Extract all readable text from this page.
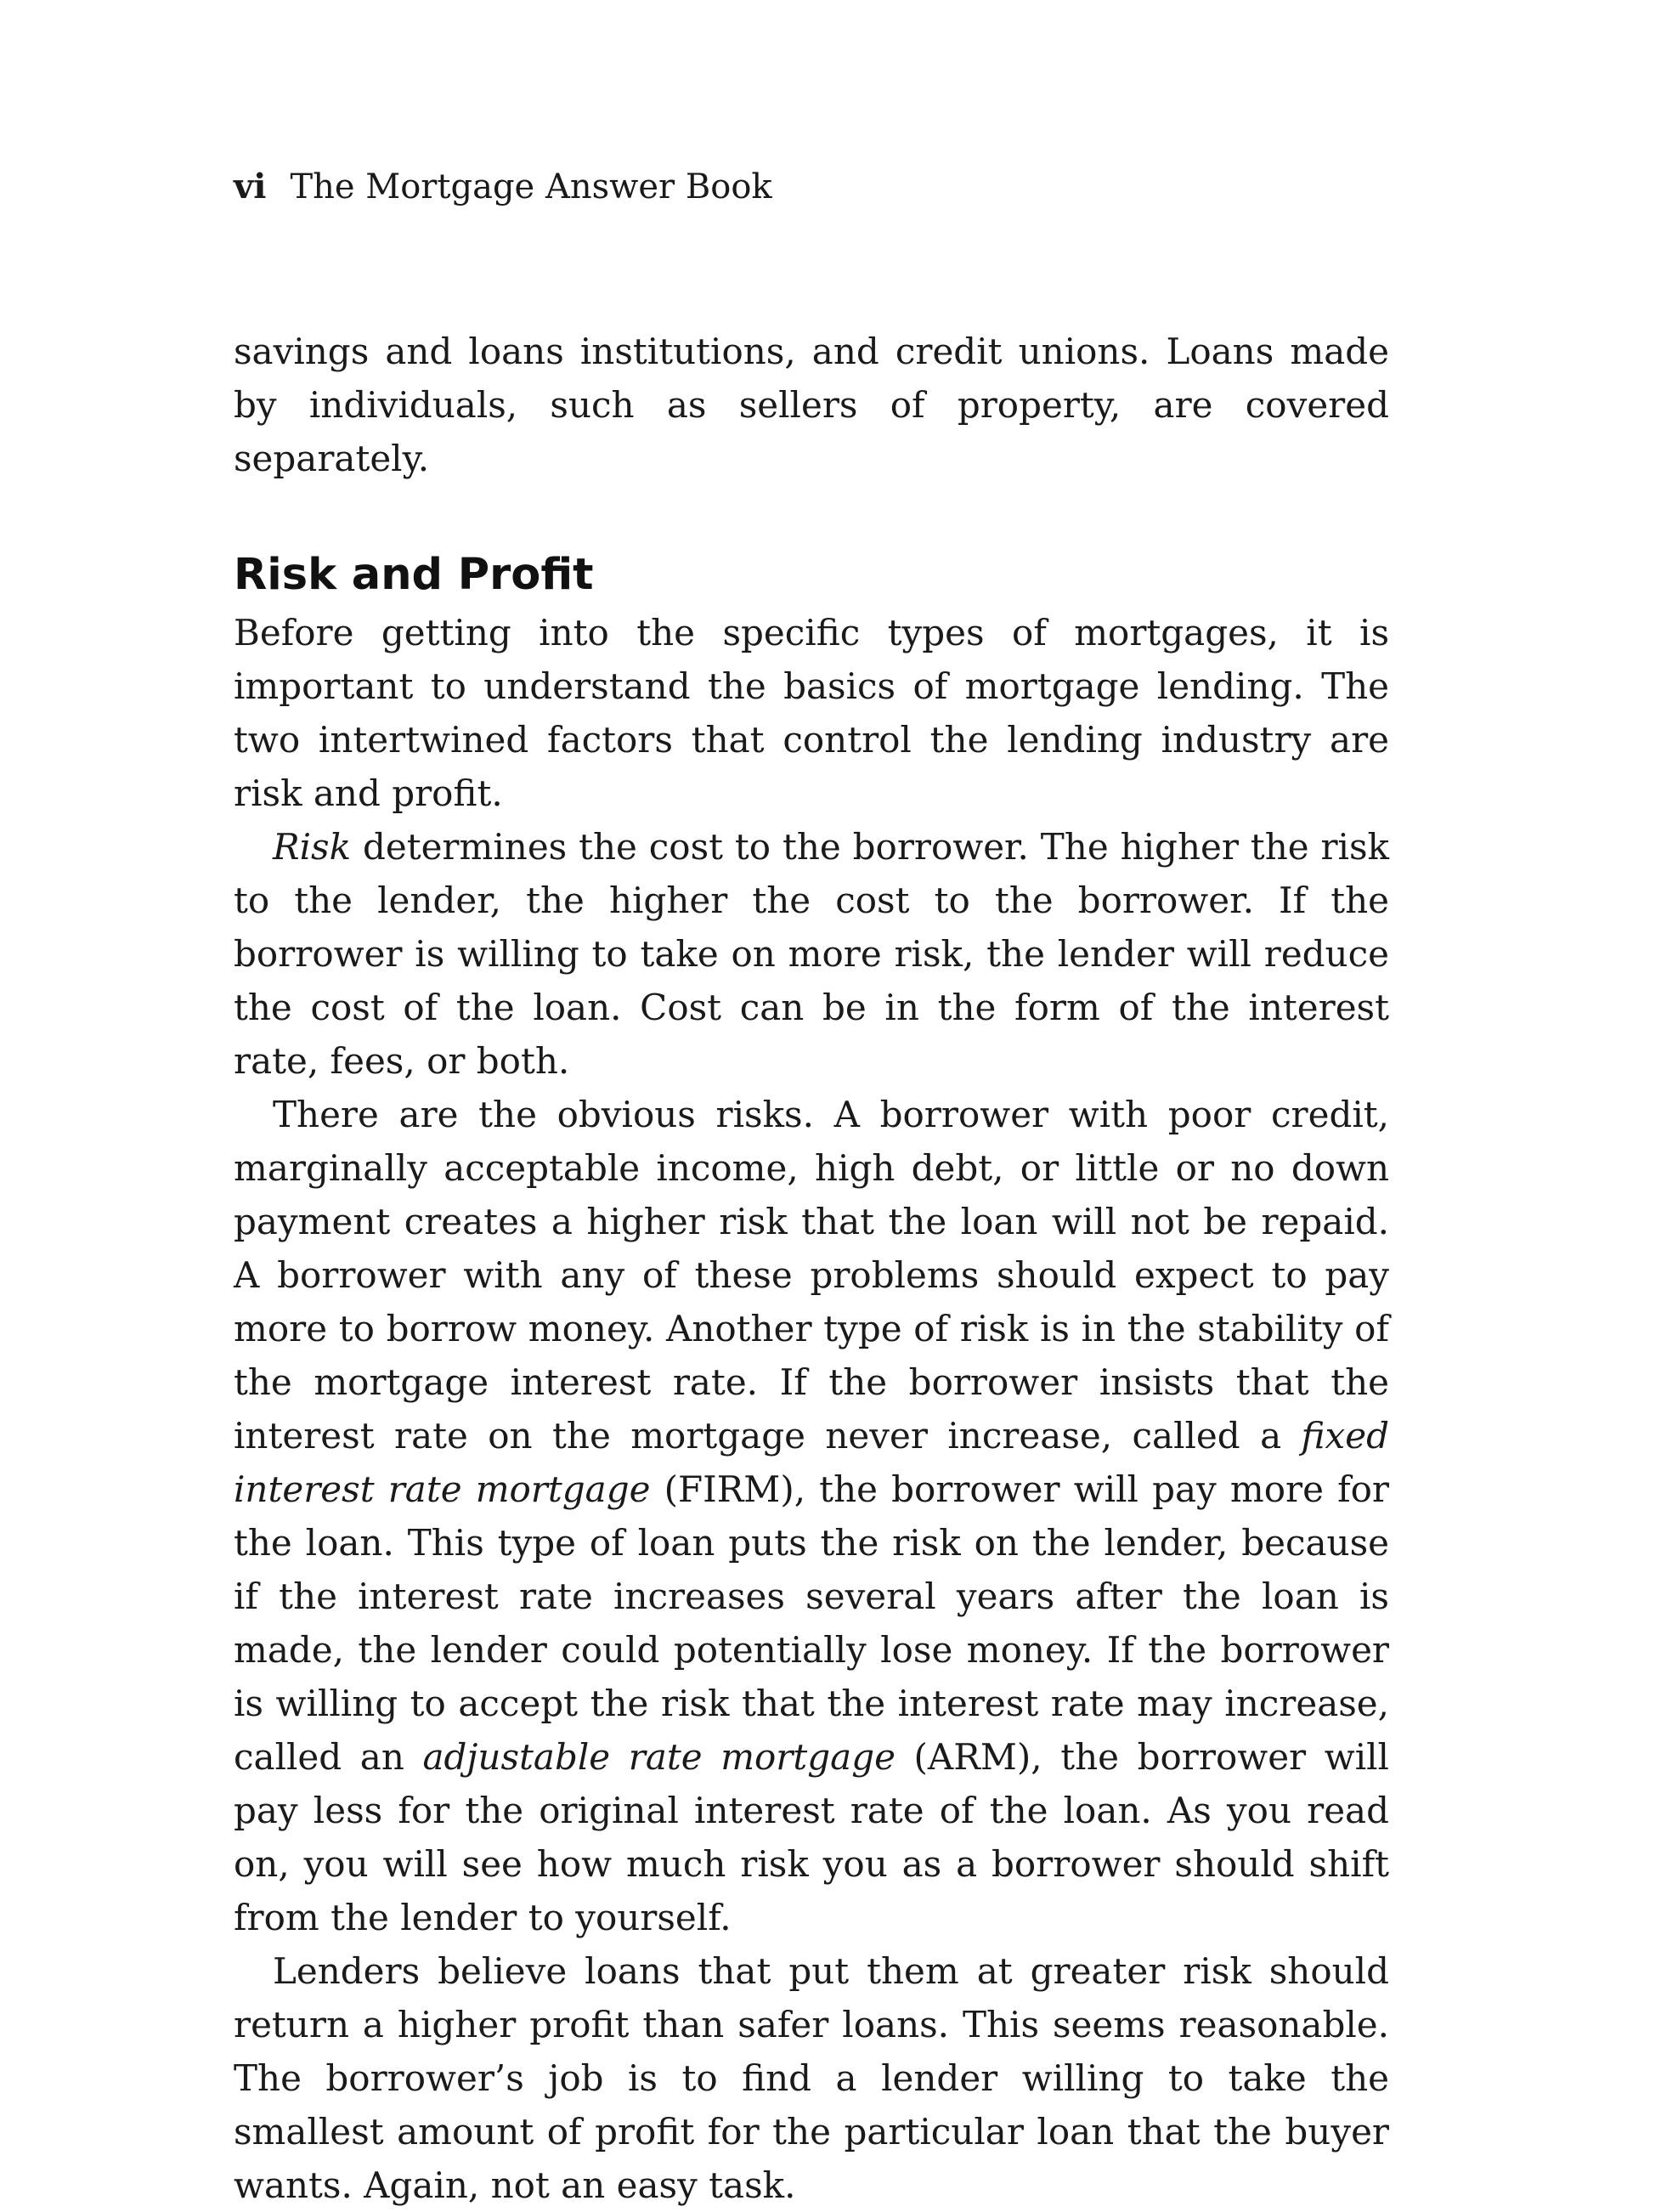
vi The Mortgage Answer Book

savings and loans institutions, and credit unions. Loans made by individuals, such as sellers of property, are covered separately.

Risk and Profit

Before getting into the specific types of mortgages, it is important to understand the basics of mortgage lending. The two intertwined factors that control the lending industry are risk and profit.

Risk determines the cost to the borrower. The higher the risk to the lender, the higher the cost to the borrower. If the borrower is willing to take on more risk, the lender will reduce the cost of the loan. Cost can be in the form of the interest rate, fees, or both.

There are the obvious risks. A borrower with poor credit, marginally acceptable income, high debt, or little or no down payment creates a higher risk that the loan will not be repaid. A borrower with any of these problems should expect to pay more to borrow money. Another type of risk is in the stability of the mortgage interest rate. If the borrower insists that the interest rate on the mortgage never increase, called a fixed interest rate mortgage (FIRM), the borrower will pay more for the loan. This type of loan puts the risk on the lender, because if the interest rate increases several years after the loan is made, the lender could potentially lose money. If the borrower is willing to accept the risk that the interest rate may increase, called an adjustable rate mortgage (ARM), the borrower will pay less for the original interest rate of the loan. As you read on, you will see how much risk you as a borrower should shift from the lender to yourself.

Lenders believe loans that put them at greater risk should return a higher profit than safer loans. This seems reasonable. The borrower’s job is to find a lender willing to take the smallest amount of profit for the particular loan that the buyer wants. Again, not an easy task.
